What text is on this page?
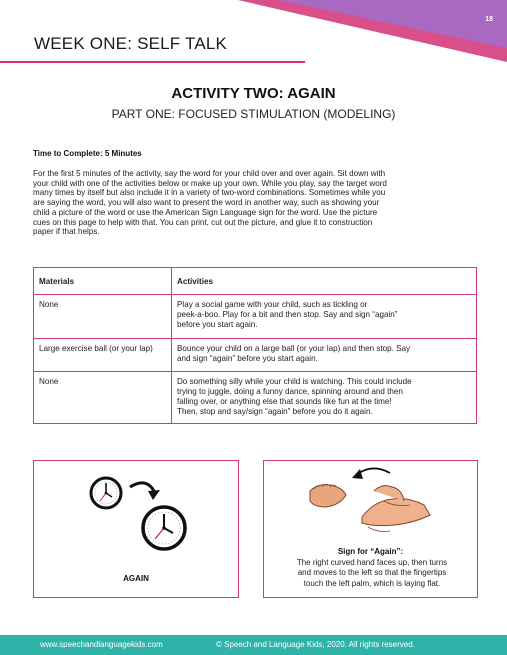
18
WEEK ONE: SELF TALK
ACTIVITY TWO: AGAIN
PART ONE: FOCUSED STIMULATION (MODELING)
Time to Complete: 5 Minutes
For the first 5 minutes of the activity, say the word for your child over and over again. Sit down with
your child with one of the activities below or make up your own. While you play, say the target word
many times by itself but also include it in a variety of two-word combinations. Sometimes while you
are saying the word, you will also want to present the word in another way, such as showing your
child a picture of the word or use the American Sign Language sign for the word. Use the picture
cues on this page to help with that. You can print, cut out the picture, and glue it to construction
paper if that helps.
Materials	Activities
None	Play a social game with your child, such as tickling or
peek-a-boo. Play for a bit and then stop. Say and sign “again”
before you start again.

Large exercise ball (or your lap)	Bounce your child on a large ball (or your lap) and then stop. Say
and sign “again” before you start again.

None	Do something silly while your child is watching. This could include
trying to juggle, doing a funny dance, spinning around and then
falling over, or anything else that sounds like fun at the time!
Then, stop and say/sign “again” before you do it again.
AGAIN
Sign for “Again”:
The right curved hand faces up, then turns
and moves to the left so that the fingertips
touch the left palm, which is laying flat.
www.speechandlanguagekids.com	© Speech and Language Kids, 2020. All rights reserved.
